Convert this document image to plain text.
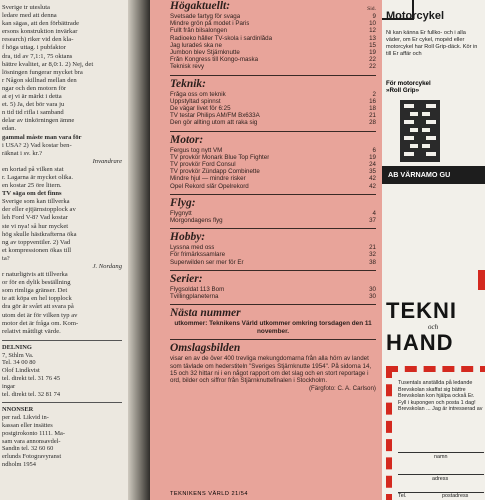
Sverige tr utesluta

ledare med att denna

kan sägas, att den förbättrade

ersons konstruktion invärkar

research) riker vid den kla-

f höga uttag. i pubfaktor

dra, tid av 7,1:1, 75 oktans

bättre kvalitet, ar 8,0:1. 2) Nej, det

lösningen fungerar mycket bra

r Någon skillnad mellan den

ngar och den motorn för

at ej vi är märkt i detta

et. 5) Ja, det bör vara ju

n tid tid rifla i samband

delar av tinkörningen ämne

edan.

gammal måste man vara för

i USA? 2) Vad kostar ben-

räknat i sv. kr.?

Invandrare

en kortad på vilken stat

r. Lagarna är mycket olika.

en kostar 25 öre litern.

TV säga om det finns

Sverige som kan tillverka

der eller ejtjärnstopplock av

leh Ford V-8? Vad kostar

ste vi nya! så hur mycket

hög skulle hästkrafterna öka

ng av toppventiler. 2) Vad

et kompressionen ökas till

ta?

J. Nordang

r naturligtvis att tillverka

or för en dylik beställning

som rimliga gränser. Det

te att köpa en hel topplock

dra gör är svårt att svara på

utom det är för vilken typ av

motor det är fråga om. Kom-

relativt måttligt värde.

DELNING

7, Sthlm Va.

Tel. 34 00 80

Olof Lindkvist

tel. direkt tel. 31 76 45

ingar

tel. direkt tel. 32 81 74

NNONSER

per rad. Likvid in-

kassan eller insättes

postgirokonto 1111. Ma-

sam vara annonsavdel-

Sandin tel. 32 60 60

erlunds Fotogravyranst

ndholm 1954

Sid.
Högaktuellt:
Svetsade fartyg för svaga	9
Mindre grön på modet i Paris	10
Fullt från bilsalongen	12
Radioeko håller TV-skola i sardinlåda	13
Jag luradeś ska ne	15
Jumbon blev Stjärnknutte	19
Från Kongress till Kongo-maska	22
Teknisk revy	22
Teknik:
Fråga oss om teknik	2
Uppstyltad spinnst	16
De vägar livet för 6:25	18
TV testar Philips AM/FM Bx633A	21
Den gör allting utom att raka sig	28
Motor:
Fergus tog nytt VM	6
TV provkör Monark Blue Top Fighter	19
TV provkör Ford Consul	24
TV provkör Zündapp Combinette	35
Mindre hjul — mindre risker	42
Opel Rekord slår Opelrekord	42
Flyg:
Flygnytt	4
Morgondagens flyg	37
Hobby:
Lyssna med oss	21
För frimärkssamlare	32
Superwilden ser mer för Er	38
Serier:
Flygsoldat 113 Bom	30
Tvillingplaneterna	30
Nästa nummer
utkommer: Teknikens Värld utkommer omkring torsdagen den 11 november.
Omslagsbilden
visar en av de över 400 trevliga mekungdomarna från alla hörn av landet som tävlade om hederstiteln "Sveriges Stjärnknutte 1954". På sidorna 14, 15 och 32 hittar ni i en något rapport om det slag och en stort reportage i ord, bilder och siffror från Stjärnknuttefinalen i Stockholm.
(Färgfoto: C. A. Carlson)
TEKNIKENS VÄRLD 21/54
Motorcykel
Ni kan känna Er fullko- och i alla väder, om Er cykel, mopéd eller motorcykel har Roll Grip-däck. Kör in till Er affär och
För motorcykel
»Roll Grip»
AB VÄRNAMO GU
TEKNI
och
HAND
Tusentals anställda på ledande Brevskolan skaffat sig bättre Brevskolan kon hjälpa också Er. Fyll i kupongen och posta 1 dag! Brevskolan ... Jag är intresserad av
namn
adress
postadress
Tel.
